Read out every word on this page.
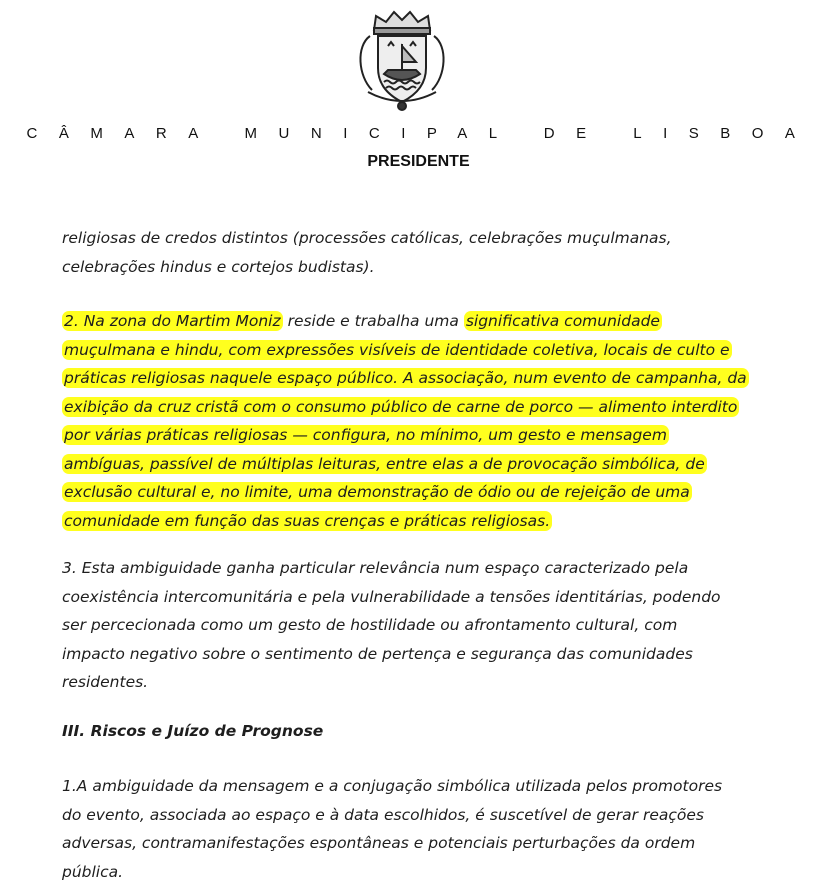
CÂMARA MUNICIPAL DE LISBOA
PRESIDENTE

religiosas de credos distintos (processões católicas, celebrações muçulmanas,
celebrações hindus e cortejos budistas).

2. Na zona do Martim Moniz reside e trabalha uma significativa comunidade
muçulmana e hindu, com expressões visíveis de identidade coletiva, locais de culto e
práticas religiosas naquele espaço público. A associação, num evento de campanha, da
exibição da cruz cristã com o consumo público de carne de porco — alimento interdito
por várias práticas religiosas — configura, no mínimo, um gesto e mensagem
ambíguas, passível de múltiplas leituras, entre elas a de provocação simbólica, de
exclusão cultural e, no limite, uma demonstração de ódio ou de rejeição de uma
comunidade em função das suas crenças e práticas religiosas.

3. Esta ambiguidade ganha particular relevância num espaço caracterizado pela
coexistência intercomunitária e pela vulnerabilidade a tensões identitárias, podendo
ser percecionada como um gesto de hostilidade ou afrontamento cultural, com
impacto negativo sobre o sentimento de pertença e segurança das comunidades
residentes.

III. Riscos e Juízo de Prognose

1.A ambiguidade da mensagem e a conjugação simbólica utilizada pelos promotores
do evento, associada ao espaço e à data escolhidos, é suscetível de gerar reações
adversas, contramanifestações espontâneas e potenciais perturbações da ordem
pública.
